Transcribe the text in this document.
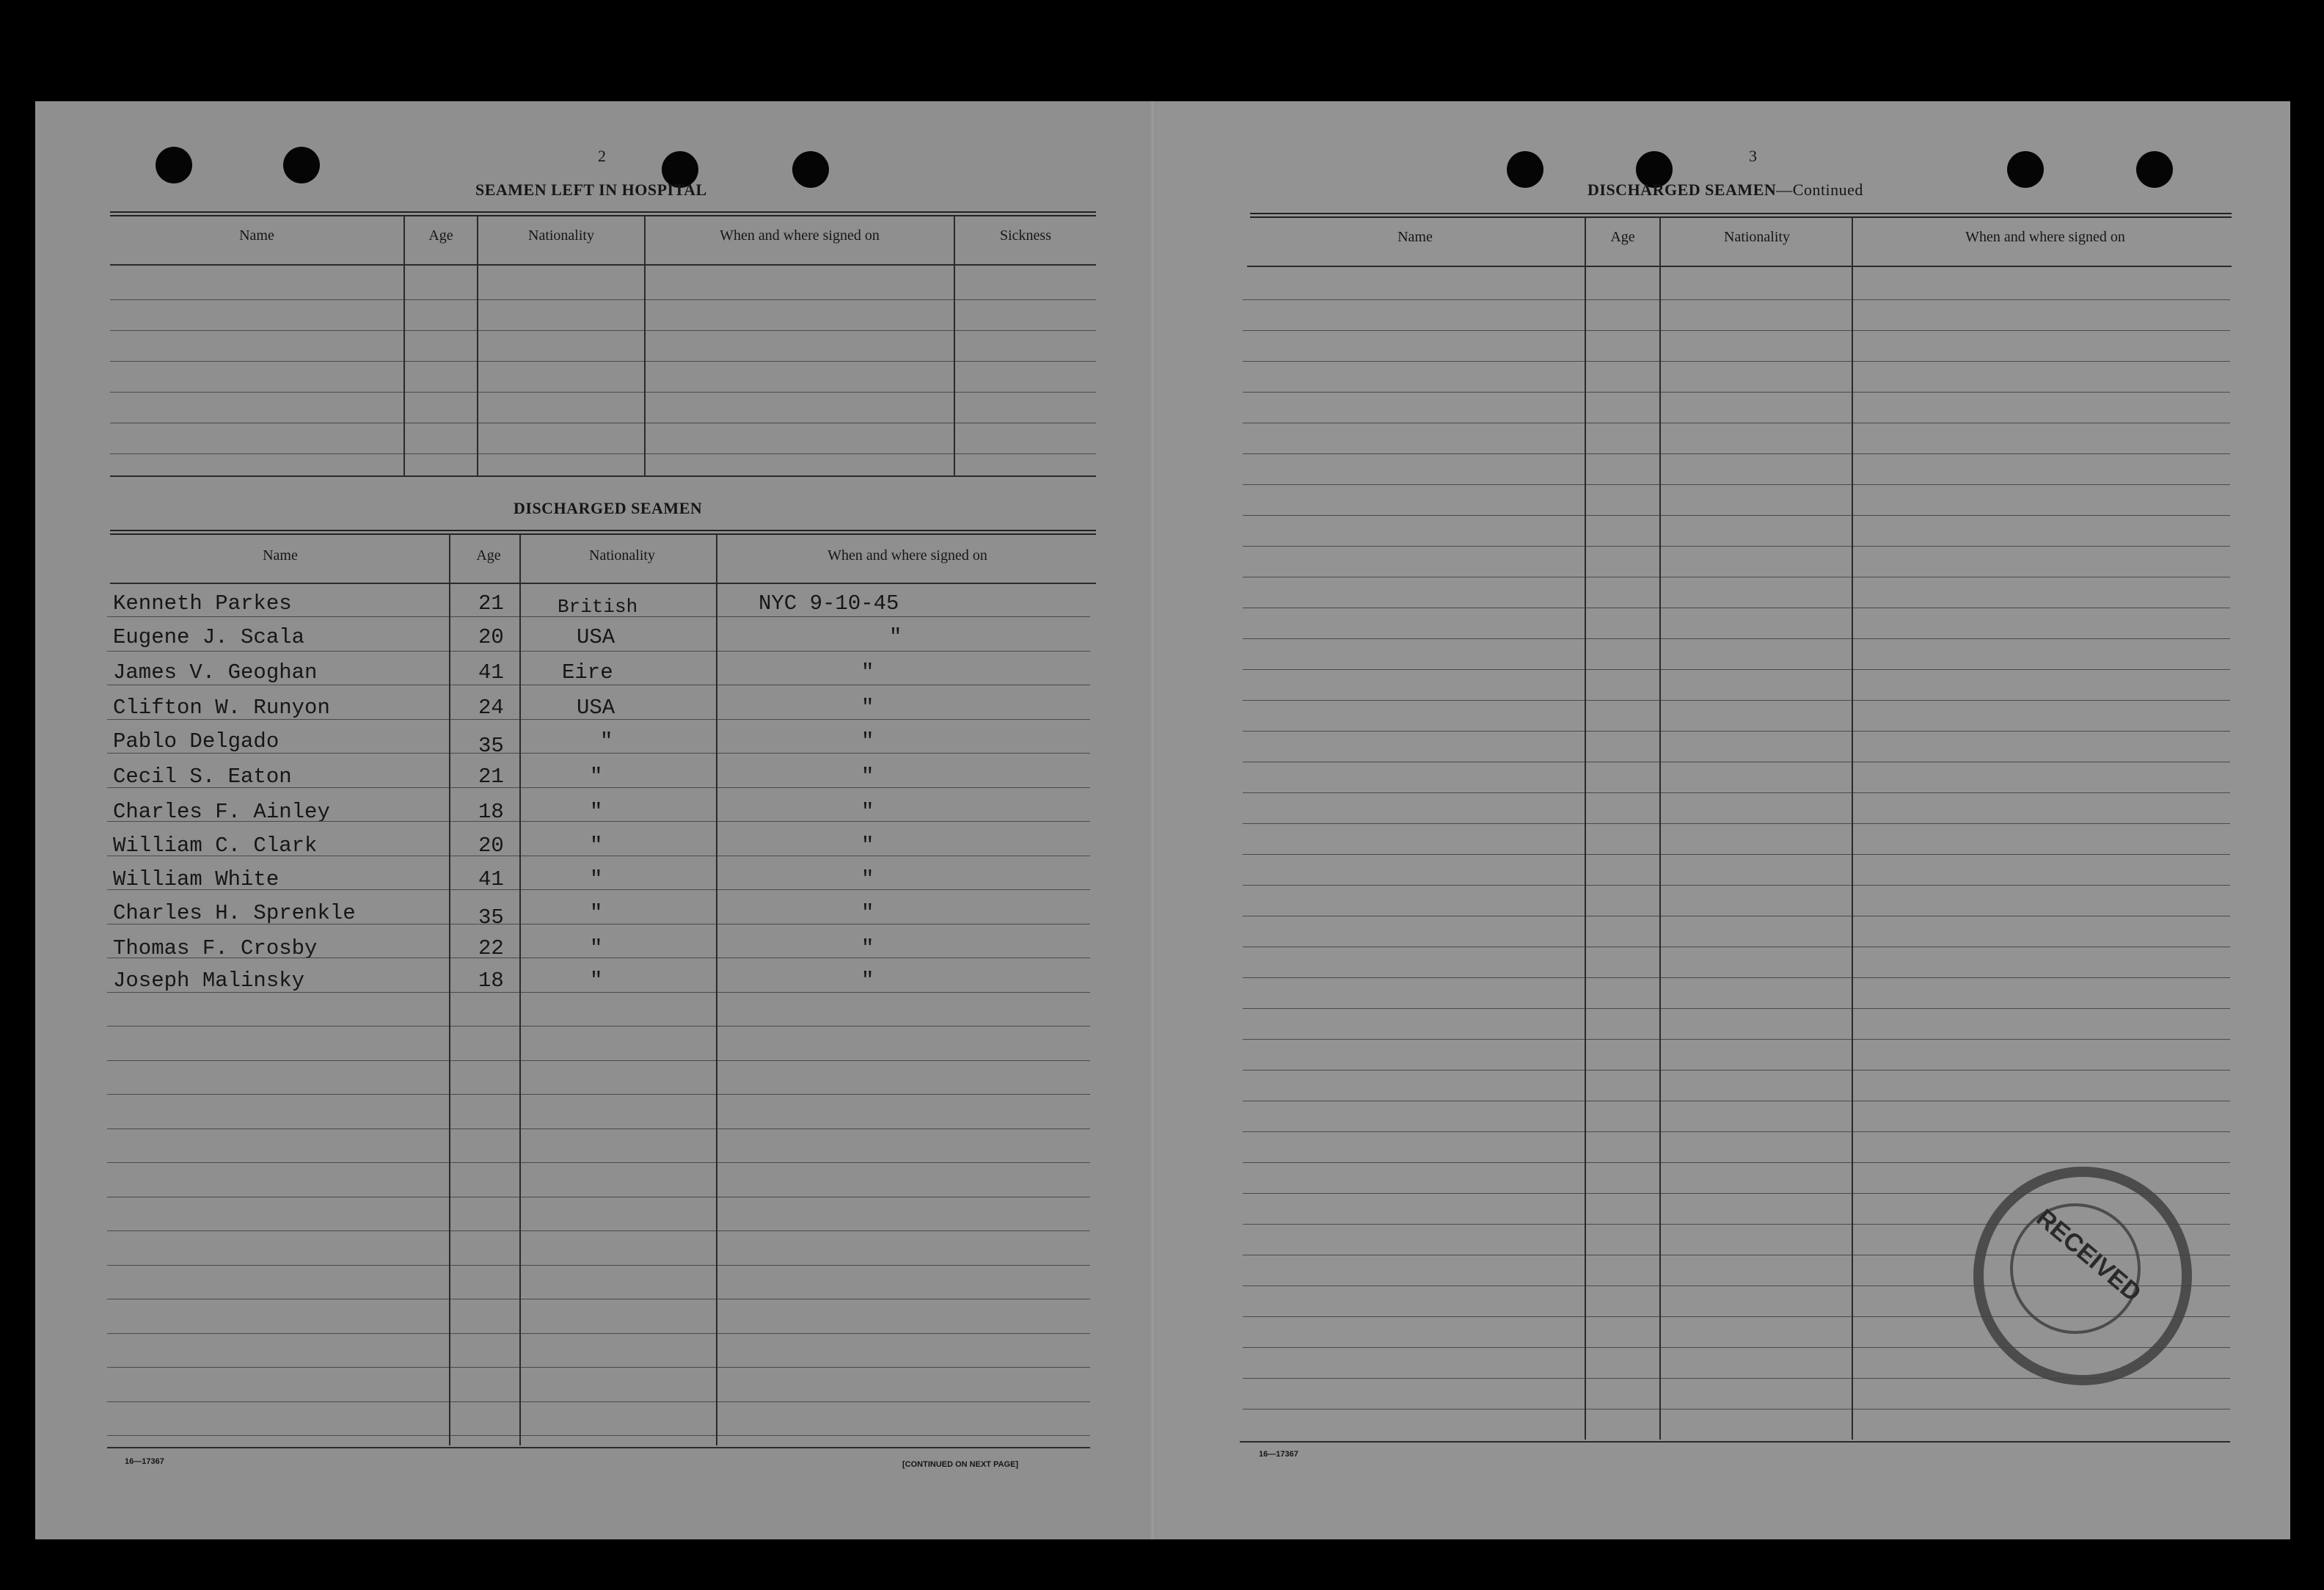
2
SEAMEN LEFT IN HOSPITAL
Name	Age	Nationality	When and where signed on	Sickness
DISCHARGED SEAMEN
Name	Age	Nationality	When and where signed on
Kenneth Parkes	21	British	NYC 9-10-45
Eugene J. Scala	20	USA	"
James V. Geoghan	41	Eire	"
Clifton W. Runyon	24	USA	"
Pablo Delgado	35	"	"
Cecil S. Eaton	21	"	"
Charles F. Ainley	18	"	"
William C. Clark	20	"	"
William White	41	"	"
Charles H. Sprenkle	35	"	"
Thomas F. Crosby	22	"	"
Joseph Malinsky	18	"	"
16—17367	[CONTINUED ON NEXT PAGE]
3
DISCHARGED SEAMEN—Continued
Name	Age	Nationality	When and where signed on
16—17367
RECEIVED
